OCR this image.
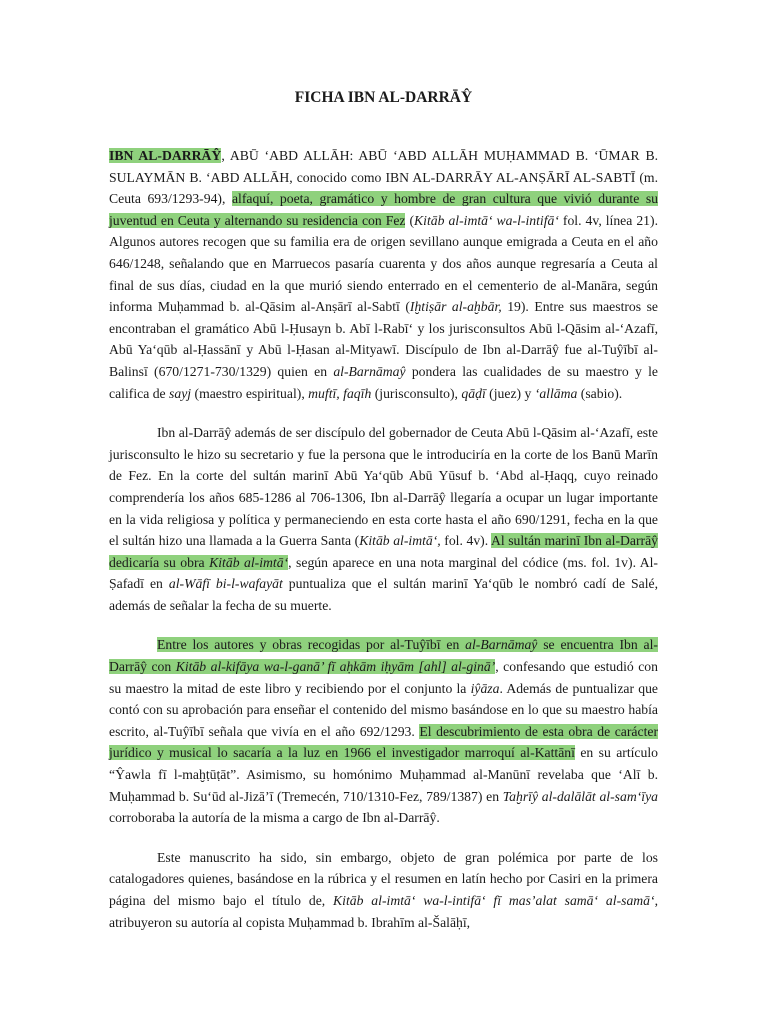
FICHA IBN AL-DARRĀŶ

IBN AL-DARRĀŶ, ABŪ ‘ABD ALLĀH: ABŪ ‘ABD ALLĀH MUḤAMMAD B. ‘ŪMAR B. SULAYMĀN B. ‘ABD ALLĀH, conocido como IBN AL-DARRĀY AL-ANṢĀRĪ AL-SABTĪ (m. Ceuta 693/1293-94), alfaquí, poeta, gramático y hombre de gran cultura que vivió durante su juventud en Ceuta y alternando su residencia con Fez (Kitāb al-imtā‘ wa-l-intifā‘ fol. 4v, línea 21). Algunos autores recogen que su familia era de origen sevillano aunque emigrada a Ceuta en el año 646/1248, señalando que en Marruecos pasaría cuarenta y dos años aunque regresaría a Ceuta al final de sus días, ciudad en la que murió siendo enterrado en el cementerio de al-Manāra, según informa Muḥammad b. al-Qāsim al-Anṣārī al-Sabtī (Iḫtiṣār al-aḫbār, 19). Entre sus maestros se encontraban el gramático Abū l-Ḥusayn b. Abī l-Rabī‘ y los jurisconsultos Abū l-Qāsim al-‘Azafī, Abū Ya‘qūb al-Ḥassānī y Abū l-Ḥasan al-Mityawī. Discípulo de Ibn al-Darrāŷ fue al-Tuŷībī al-Balinsī (670/1271-730/1329) quien en al-Barnāmaŷ pondera las cualidades de su maestro y le califica de sayj (maestro espiritual), muftī, faqīh (jurisconsulto), qāḍī (juez) y ‘allāma (sabio).

Ibn al-Darrāŷ además de ser discípulo del gobernador de Ceuta Abū l-Qāsim al-‘Azafī, este jurisconsulto le hizo su secretario y fue la persona que le introduciría en la corte de los Banū Marīn de Fez. En la corte del sultán marinī Abū Ya‘qūb Abū Yūsuf b. ‘Abd al-Ḥaqq, cuyo reinado comprendería los años 685-1286 al 706-1306, Ibn al-Darrāŷ llegaría a ocupar un lugar importante en la vida religiosa y política y permaneciendo en esta corte hasta el año 690/1291, fecha en la que el sultán hizo una llamada a la Guerra Santa (Kitāb al-imtā‘, fol. 4v). Al sultán marinī Ibn al-Darrāŷ dedicaría su obra Kitāb al-imtā‘, según aparece en una nota marginal del códice (ms. fol. 1v). Al-Ṣafadī en al-Wāfī bi-l-wafayāt puntualiza que el sultán marinī Ya‘qūb le nombró cadí de Salé, además de señalar la fecha de su muerte.

Entre los autores y obras recogidas por al-Tuŷībī en al-Barnāmaŷ se encuentra Ibn al-Darrāŷ con Kitāb al-kifāya wa-l-ganā’ fī aḥkām iḥyām [ahl] al-ginā’, confesando que estudió con su maestro la mitad de este libro y recibiendo por el conjunto la iŷāza. Además de puntualizar que contó con su aprobación para enseñar el contenido del mismo basándose en lo que su maestro había escrito, al-Tuŷībī señala que vivía en el año 692/1293. El descubrimiento de esta obra de carácter jurídico y musical lo sacaría a la luz en 1966 el investigador marroquí al-Kattānī en su artículo “Ŷawla fī l-maḫṭūṭāt”. Asimismo, su homónimo Muḥammad al-Manūnī revelaba que ‘Alī b. Muḥammad b. Su‘ūd al-Jizā’ī (Tremecén, 710/1310-Fez, 789/1387) en Taḫrīŷ al-dalālāt al-sam‘īya corroboraba la autoría de la misma a cargo de Ibn al-Darrāŷ.

Este manuscrito ha sido, sin embargo, objeto de gran polémica por parte de los catalogadores quienes, basándose en la rúbrica y el resumen en latín hecho por Casiri en la primera página del mismo bajo el título de, Kitāb al-imtā‘ wa-l-intifā‘ fī mas’alat samā‘ al-samā‘, atribuyeron su autoría al copista Muḥammad b. Ibrahīm al-Šalāḥī,
